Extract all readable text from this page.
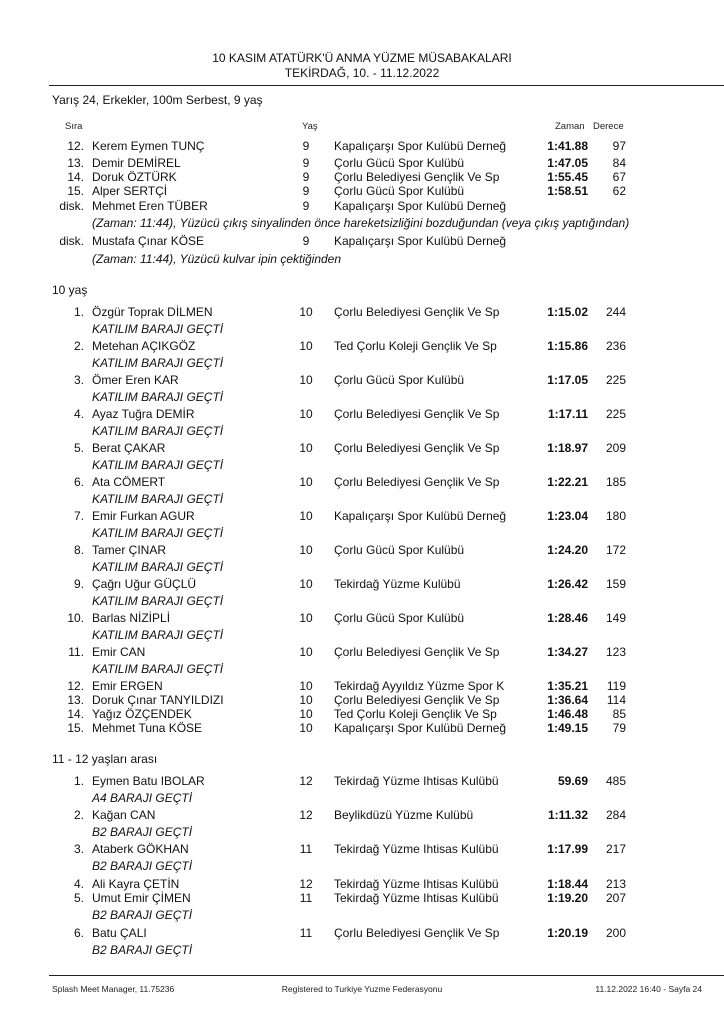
10 KASIM ATATÜRK'Ü ANMA YÜZME MÜSABAKALARI
TEKİRDAĞ, 10. - 11.12.2022
Yarış 24, Erkekler, 100m Serbest, 9 yaş
Sıra	Yaş	Zaman Derece
12. Kerem Eymen TUNÇ	9	Kapalıçarşı Spor Kulübü Derneğ	1:41.88	97
13. Demir DEMİREL	9	Çorlu Gücü Spor Kulübü	1:47.05	84
14. Doruk ÖZTÜRK	9	Çorlu Belediyesi Gençlik Ve Sp	1:55.45	67
15. Alper SERTÇİ	9	Çorlu Gücü Spor Kulübü	1:58.51	62
disk. Mehmet Eren TÜBER	9	Kapalıçarşı Spor Kulübü Derneğ
(Zaman: 11:44), Yüzücü çıkış sinyalinden önce hareketsizliğini bozduğundan (veya çıkış yaptığından)
disk. Mustafa Çınar KÖSE	9	Kapalıçarşı Spor Kulübü Derneğ
(Zaman: 11:44), Yüzücü kulvar ipin çektiğinden
10 yaş
1. Özgür Toprak DİLMEN	10	Çorlu Belediyesi Gençlik Ve Sp	1:15.02	244
KATILIM BARAJI GEÇTİ
2. Metehan AÇIKGÖZ	10	Ted Çorlu Koleji Gençlik Ve Sp	1:15.86	236
KATILIM BARAJI GEÇTİ
3. Ömer Eren KAR	10	Çorlu Gücü Spor Kulübü	1:17.05	225
KATILIM BARAJI GEÇTİ
4. Ayaz Tuğra DEMİR	10	Çorlu Belediyesi Gençlik Ve Sp	1:17.11	225
KATILIM BARAJI GEÇTİ
5. Berat ÇAKAR	10	Çorlu Belediyesi Gençlik Ve Sp	1:18.97	209
KATILIM BARAJI GEÇTİ
6. Ata CÖMERT	10	Çorlu Belediyesi Gençlik Ve Sp	1:22.21	185
KATILIM BARAJI GEÇTİ
7. Emir Furkan AGUR	10	Kapalıçarşı Spor Kulübü Derneğ	1:23.04	180
KATILIM BARAJI GEÇTİ
8. Tamer ÇINAR	10	Çorlu Gücü Spor Kulübü	1:24.20	172
KATILIM BARAJI GEÇTİ
9. Çağrı Uğur GÜÇLÜ	10	Tekirdağ Yüzme Kulübü	1:26.42	159
KATILIM BARAJI GEÇTİ
10. Barlas NİZİPLİ	10	Çorlu Gücü Spor Kulübü	1:28.46	149
KATILIM BARAJI GEÇTİ
11. Emir CAN	10	Çorlu Belediyesi Gençlik Ve Sp	1:34.27	123
KATILIM BARAJI GEÇTİ
12. Emir ERGEN	10	Tekirdağ Ayyıldız Yüzme Spor K	1:35.21	119
13. Doruk Çınar TANYILDIZI	10	Çorlu Belediyesi Gençlik Ve Sp	1:36.64	114
14. Yağız ÖZÇENDEK	10	Ted Çorlu Koleji Gençlik Ve Sp	1:46.48	85
15. Mehmet Tuna KÖSE	10	Kapalıçarşı Spor Kulübü Derneğ	1:49.15	79
11 - 12 yaşları arası
1. Eymen Batu IBOLAR	12	Tekirdağ Yüzme Ihtisas Kulübü	59.69	485
A4 BARAJI GEÇTİ
2. Kağan CAN	12	Beylikdüzü Yüzme Kulübü	1:11.32	284
B2 BARAJI GEÇTİ
3. Ataberk GÖKHAN	11	Tekirdağ Yüzme Ihtisas Kulübü	1:17.99	217
B2 BARAJI GEÇTİ
4. Ali Kayra ÇETİN	12	Tekirdağ Yüzme Ihtisas Kulübü	1:18.44	213
5. Umut Emir ÇİMEN	11	Tekirdağ Yüzme Ihtisas Kulübü	1:19.20	207
B2 BARAJI GEÇTİ
6. Batu ÇALI	11	Çorlu Belediyesi Gençlik Ve Sp	1:20.19	200
B2 BARAJI GEÇTİ
Splash Meet Manager, 11.75236	Registered to Turkiye Yuzme Federasyonu	11.12.2022 16:40 - Sayfa 24
